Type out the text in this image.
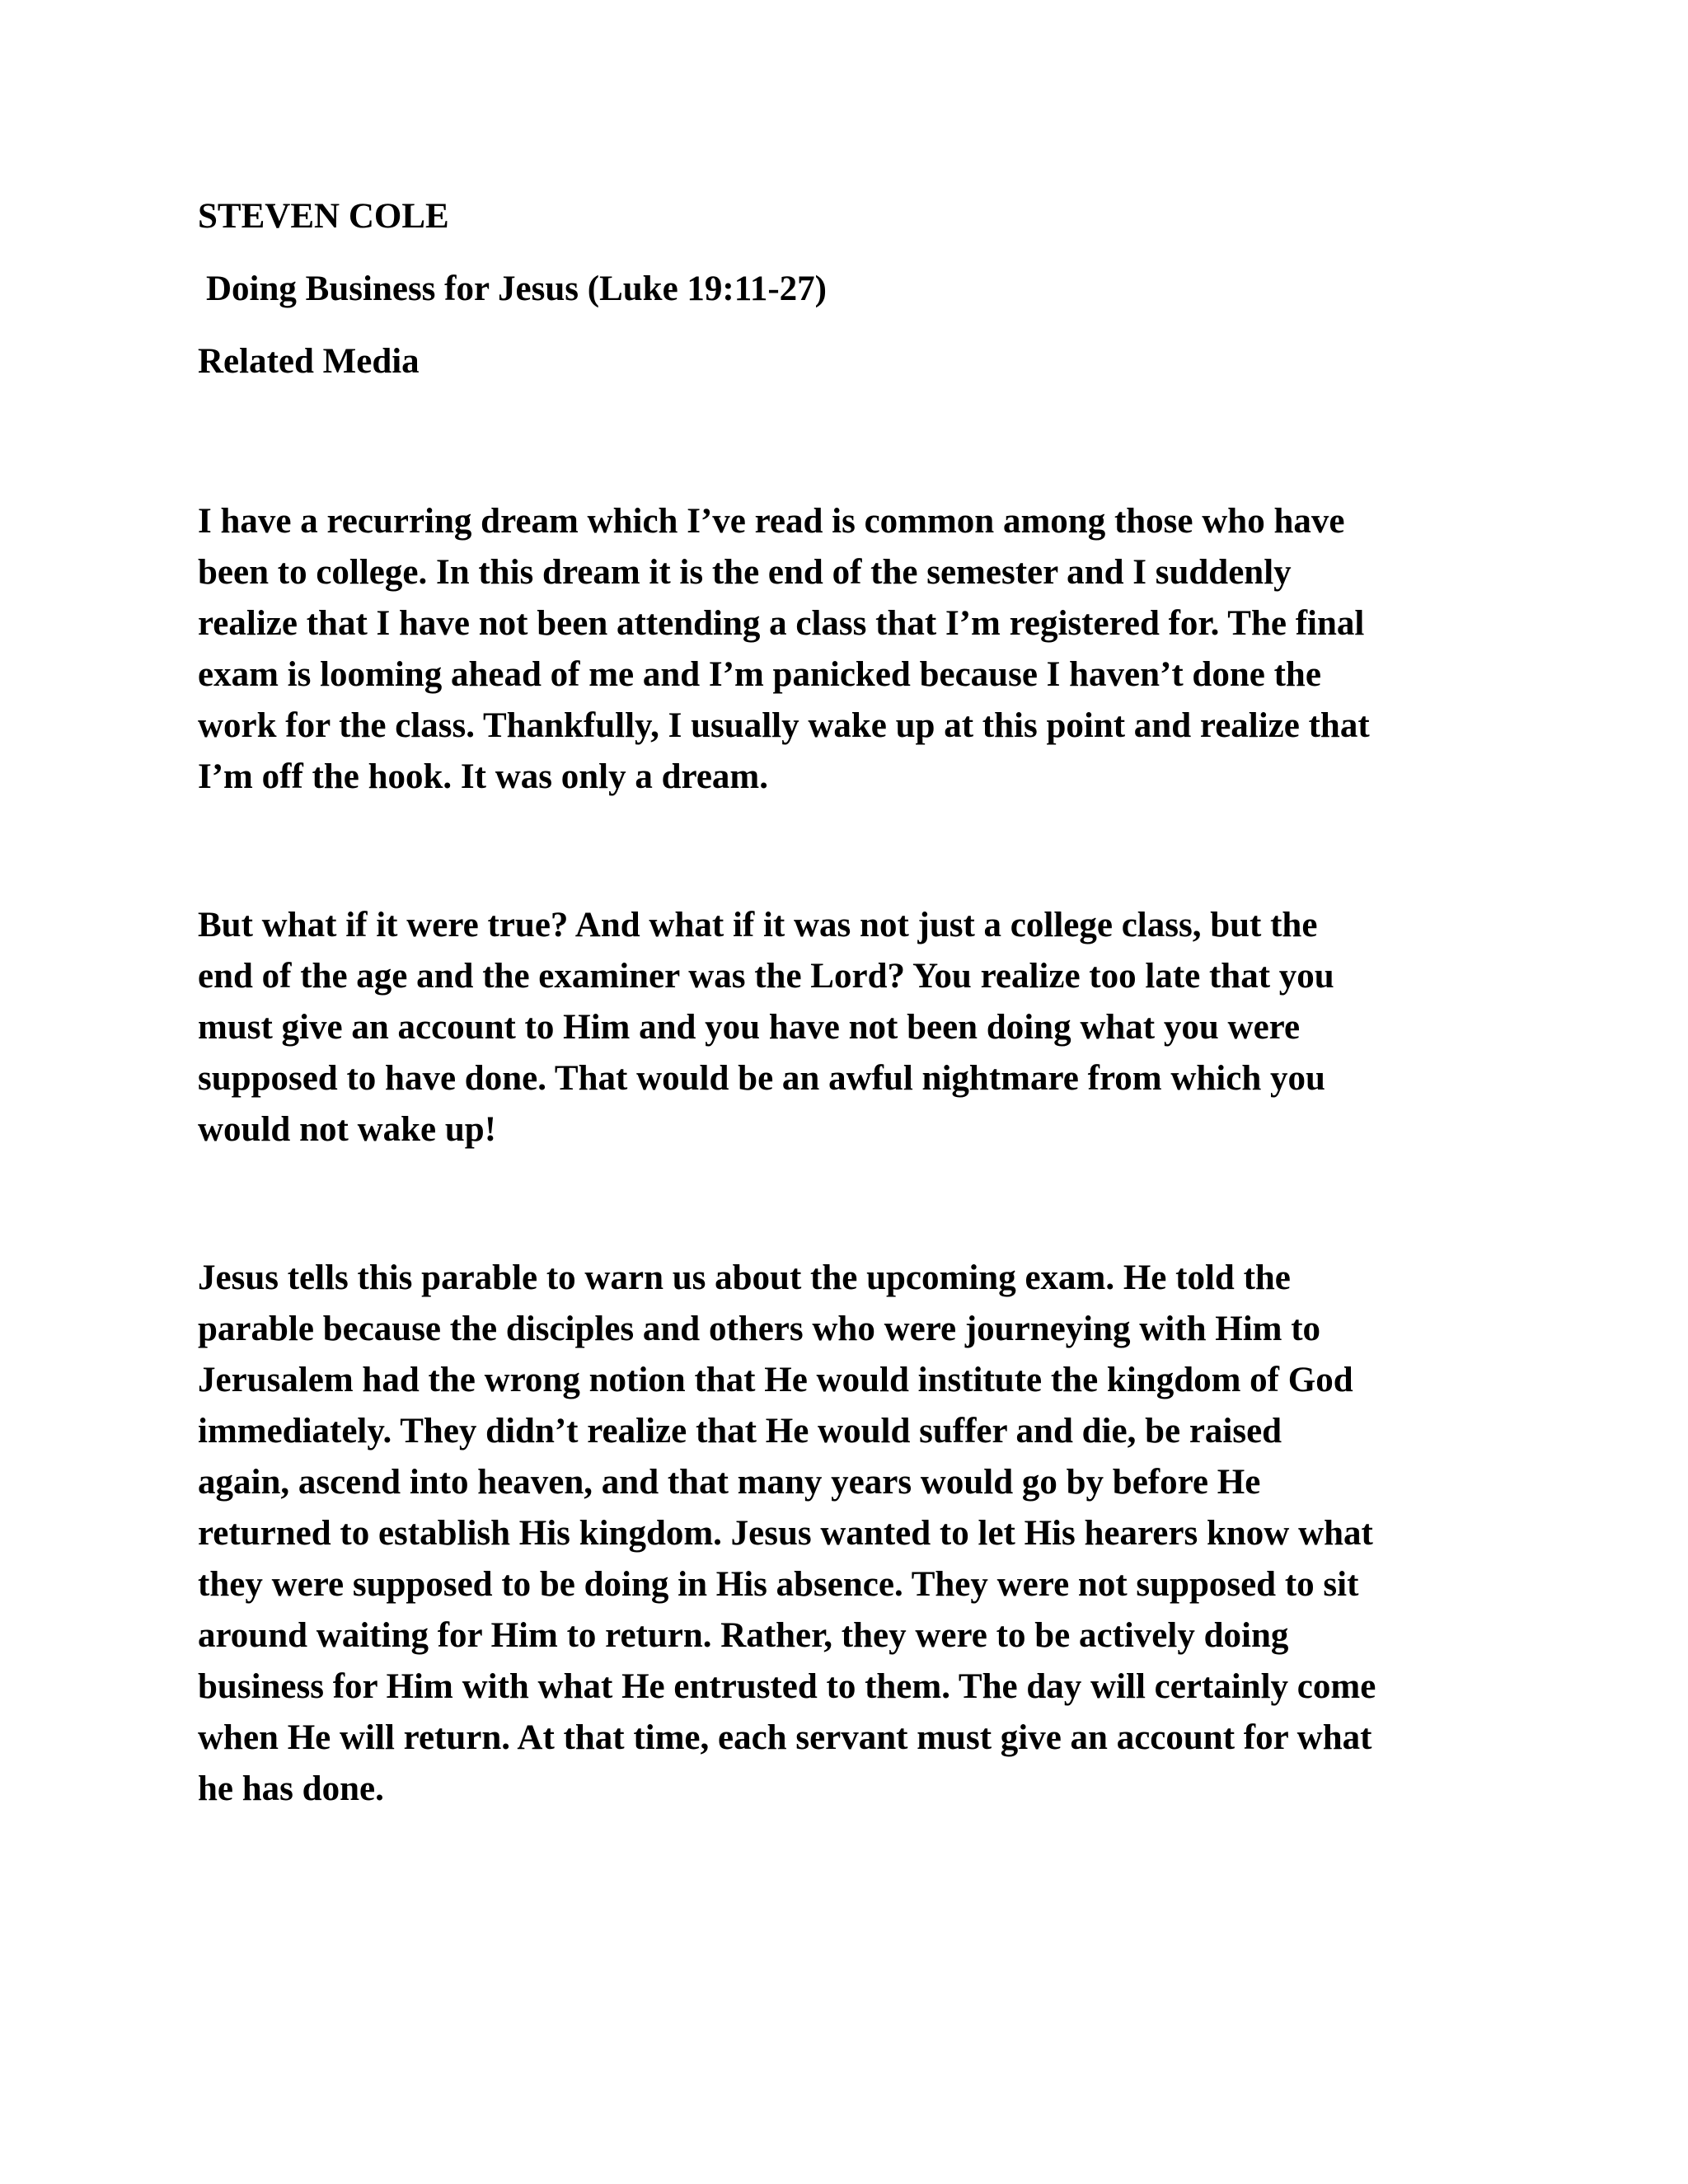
STEVEN COLE
Doing Business for Jesus (Luke 19:11-27)
Related Media
I have a recurring dream which I’ve read is common among those who have
been to college. In this dream it is the end of the semester and I suddenly
realize that I have not been attending a class that I’m registered for. The final
exam is looming ahead of me and I’m panicked because I haven’t done the
work for the class. Thankfully, I usually wake up at this point and realize that
I’m off the hook. It was only a dream.
But what if it were true? And what if it was not just a college class, but the
end of the age and the examiner was the Lord? You realize too late that you
must give an account to Him and you have not been doing what you were
supposed to have done. That would be an awful nightmare from which you
would not wake up!
Jesus tells this parable to warn us about the upcoming exam. He told the
parable because the disciples and others who were journeying with Him to
Jerusalem had the wrong notion that He would institute the kingdom of God
immediately. They didn’t realize that He would suffer and die, be raised
again, ascend into heaven, and that many years would go by before He
returned to establish His kingdom. Jesus wanted to let His hearers know what
they were supposed to be doing in His absence. They were not supposed to sit
around waiting for Him to return. Rather, they were to be actively doing
business for Him with what He entrusted to them. The day will certainly come
when He will return. At that time, each servant must give an account for what
he has done.
